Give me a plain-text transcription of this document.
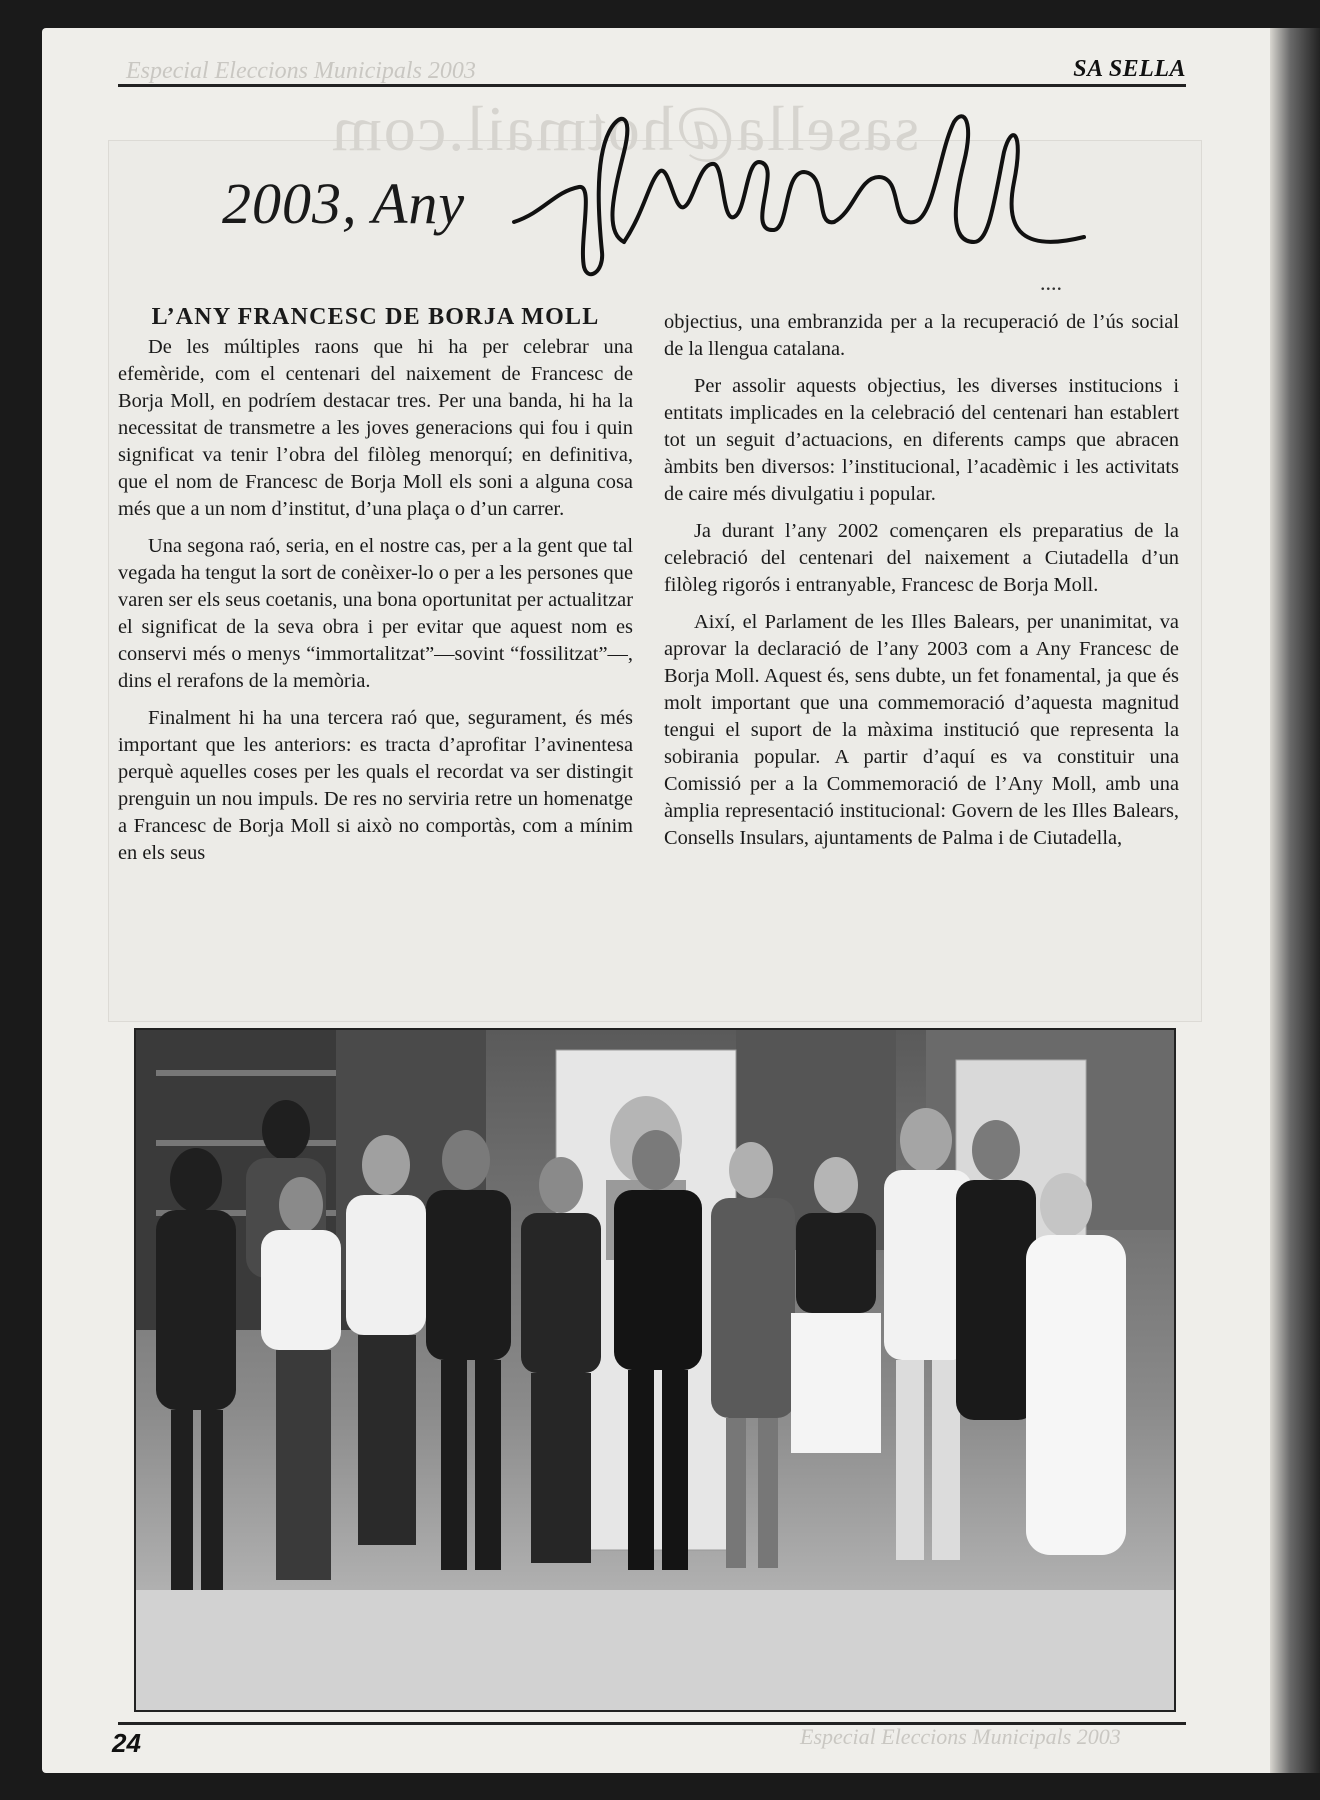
sasella@hotmail.com
Especial Eleccions Municipals 2003	SA SELLA
2003, Any
....
L’ANY FRANCESC DE BORJA MOLL

De les múltiples raons que hi ha per celebrar una efemèride, com el centenari del naixement de Francesc de Borja Moll, en podríem destacar tres. Per una banda, hi ha la necessitat de transmetre a les joves generacions qui fou i quin significat va tenir l’obra del filòleg menorquí; en definitiva, que el nom de Francesc de Borja Moll els soni a alguna cosa més que a un nom d’institut, d’una plaça o d’un carrer.

Una segona raó, seria, en el nostre cas, per a la gent que tal vegada ha tengut la sort de conèixer-lo o per a les persones que varen ser els seus coetanis, una bona oportunitat per actualitzar el significat de la seva obra i per evitar que aquest nom es conservi més o menys “immortalitzat”—sovint “fossilitzat”—, dins el rerafons de la memòria.

Finalment hi ha una tercera raó que, segurament, és més important que les anteriors: es tracta d’aprofitar l’avinentesa perquè aquelles coses per les quals el recordat va ser distingit prenguin un nou impuls. De res no serviria retre un homenatge a Francesc de Borja Moll si això no comportàs, com a mínim en els seus

objectius, una embranzida per a la recuperació de l’ús social de la llengua catalana.

Per assolir aquests objectius, les diverses institucions i entitats implicades en la celebració del centenari han establert tot un seguit d’actuacions, en diferents camps que abracen àmbits ben diversos: l’institucional, l’acadèmic i les activitats de caire més divulgatiu i popular.

Ja durant l’any 2002 començaren els preparatius de la celebració del centenari del naixement a Ciutadella d’un filòleg rigorós i entranyable, Francesc de Borja Moll.

Així, el Parlament de les Illes Balears, per unanimitat, va aprovar la declaració de l’any 2003 com a Any Francesc de Borja Moll. Aquest és, sens dubte, un fet fonamental, ja que és molt important que una commemoració d’aquesta magnitud tengui el suport de la màxima institució que representa la sobirania popular. A partir d’aquí es va constituir una Comissió per a la Commemoració de l’Any Moll, amb una àmplia representació institucional: Govern de les Illes Balears, Consells Insulars, ajuntaments de Palma i de Ciutadella,

Especial Eleccions Municipals 2003
24
